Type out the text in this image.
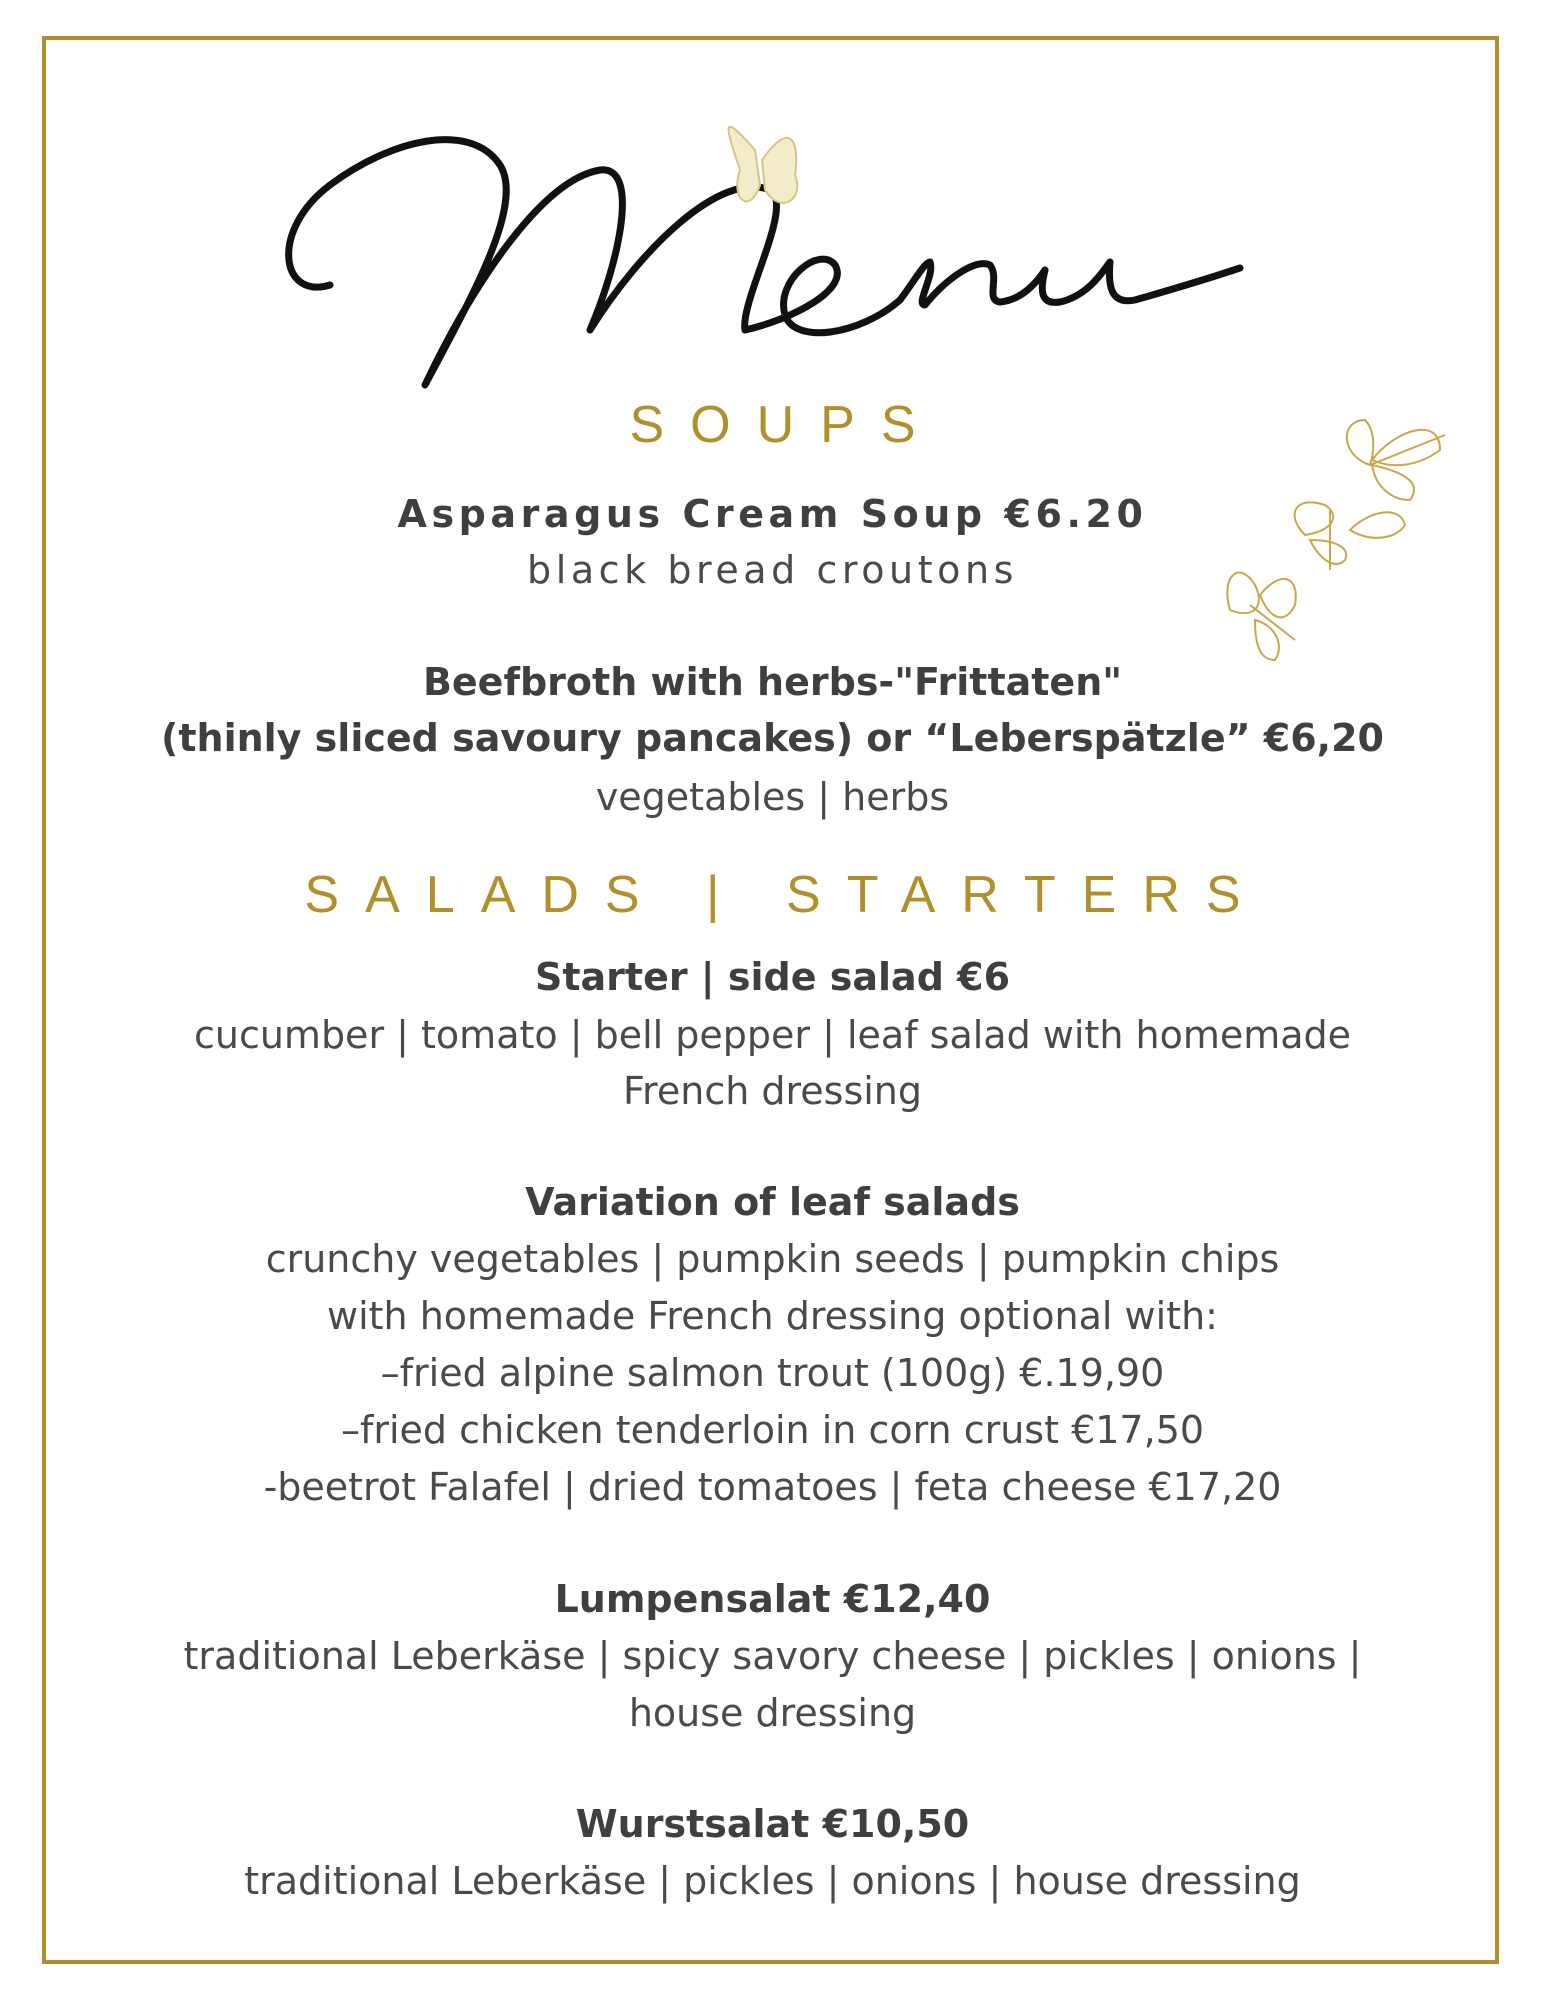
SOUPS
Asparagus Cream Soup €6.20
black bread croutons
Beefbroth with herbs-"Frittaten"
(thinly sliced savoury pancakes) or “Leberspätzle” €6,20
vegetables | herbs
SALADS | STARTERS
Starter | side salad €6
cucumber | tomato | bell pepper | leaf salad with homemade
French dressing
Variation of leaf salads
crunchy vegetables | pumpkin seeds | pumpkin chips
with homemade French dressing optional with:
–fried alpine salmon trout (100g) €.19,90
–fried chicken tenderloin in corn crust €17,50
-beetrot Falafel | dried tomatoes | feta cheese €17,20
Lumpensalat €12,40
traditional Leberkäse | spicy savory cheese | pickles | onions |
house dressing
Wurstsalat €10,50
traditional Leberkäse | pickles | onions | house dressing
